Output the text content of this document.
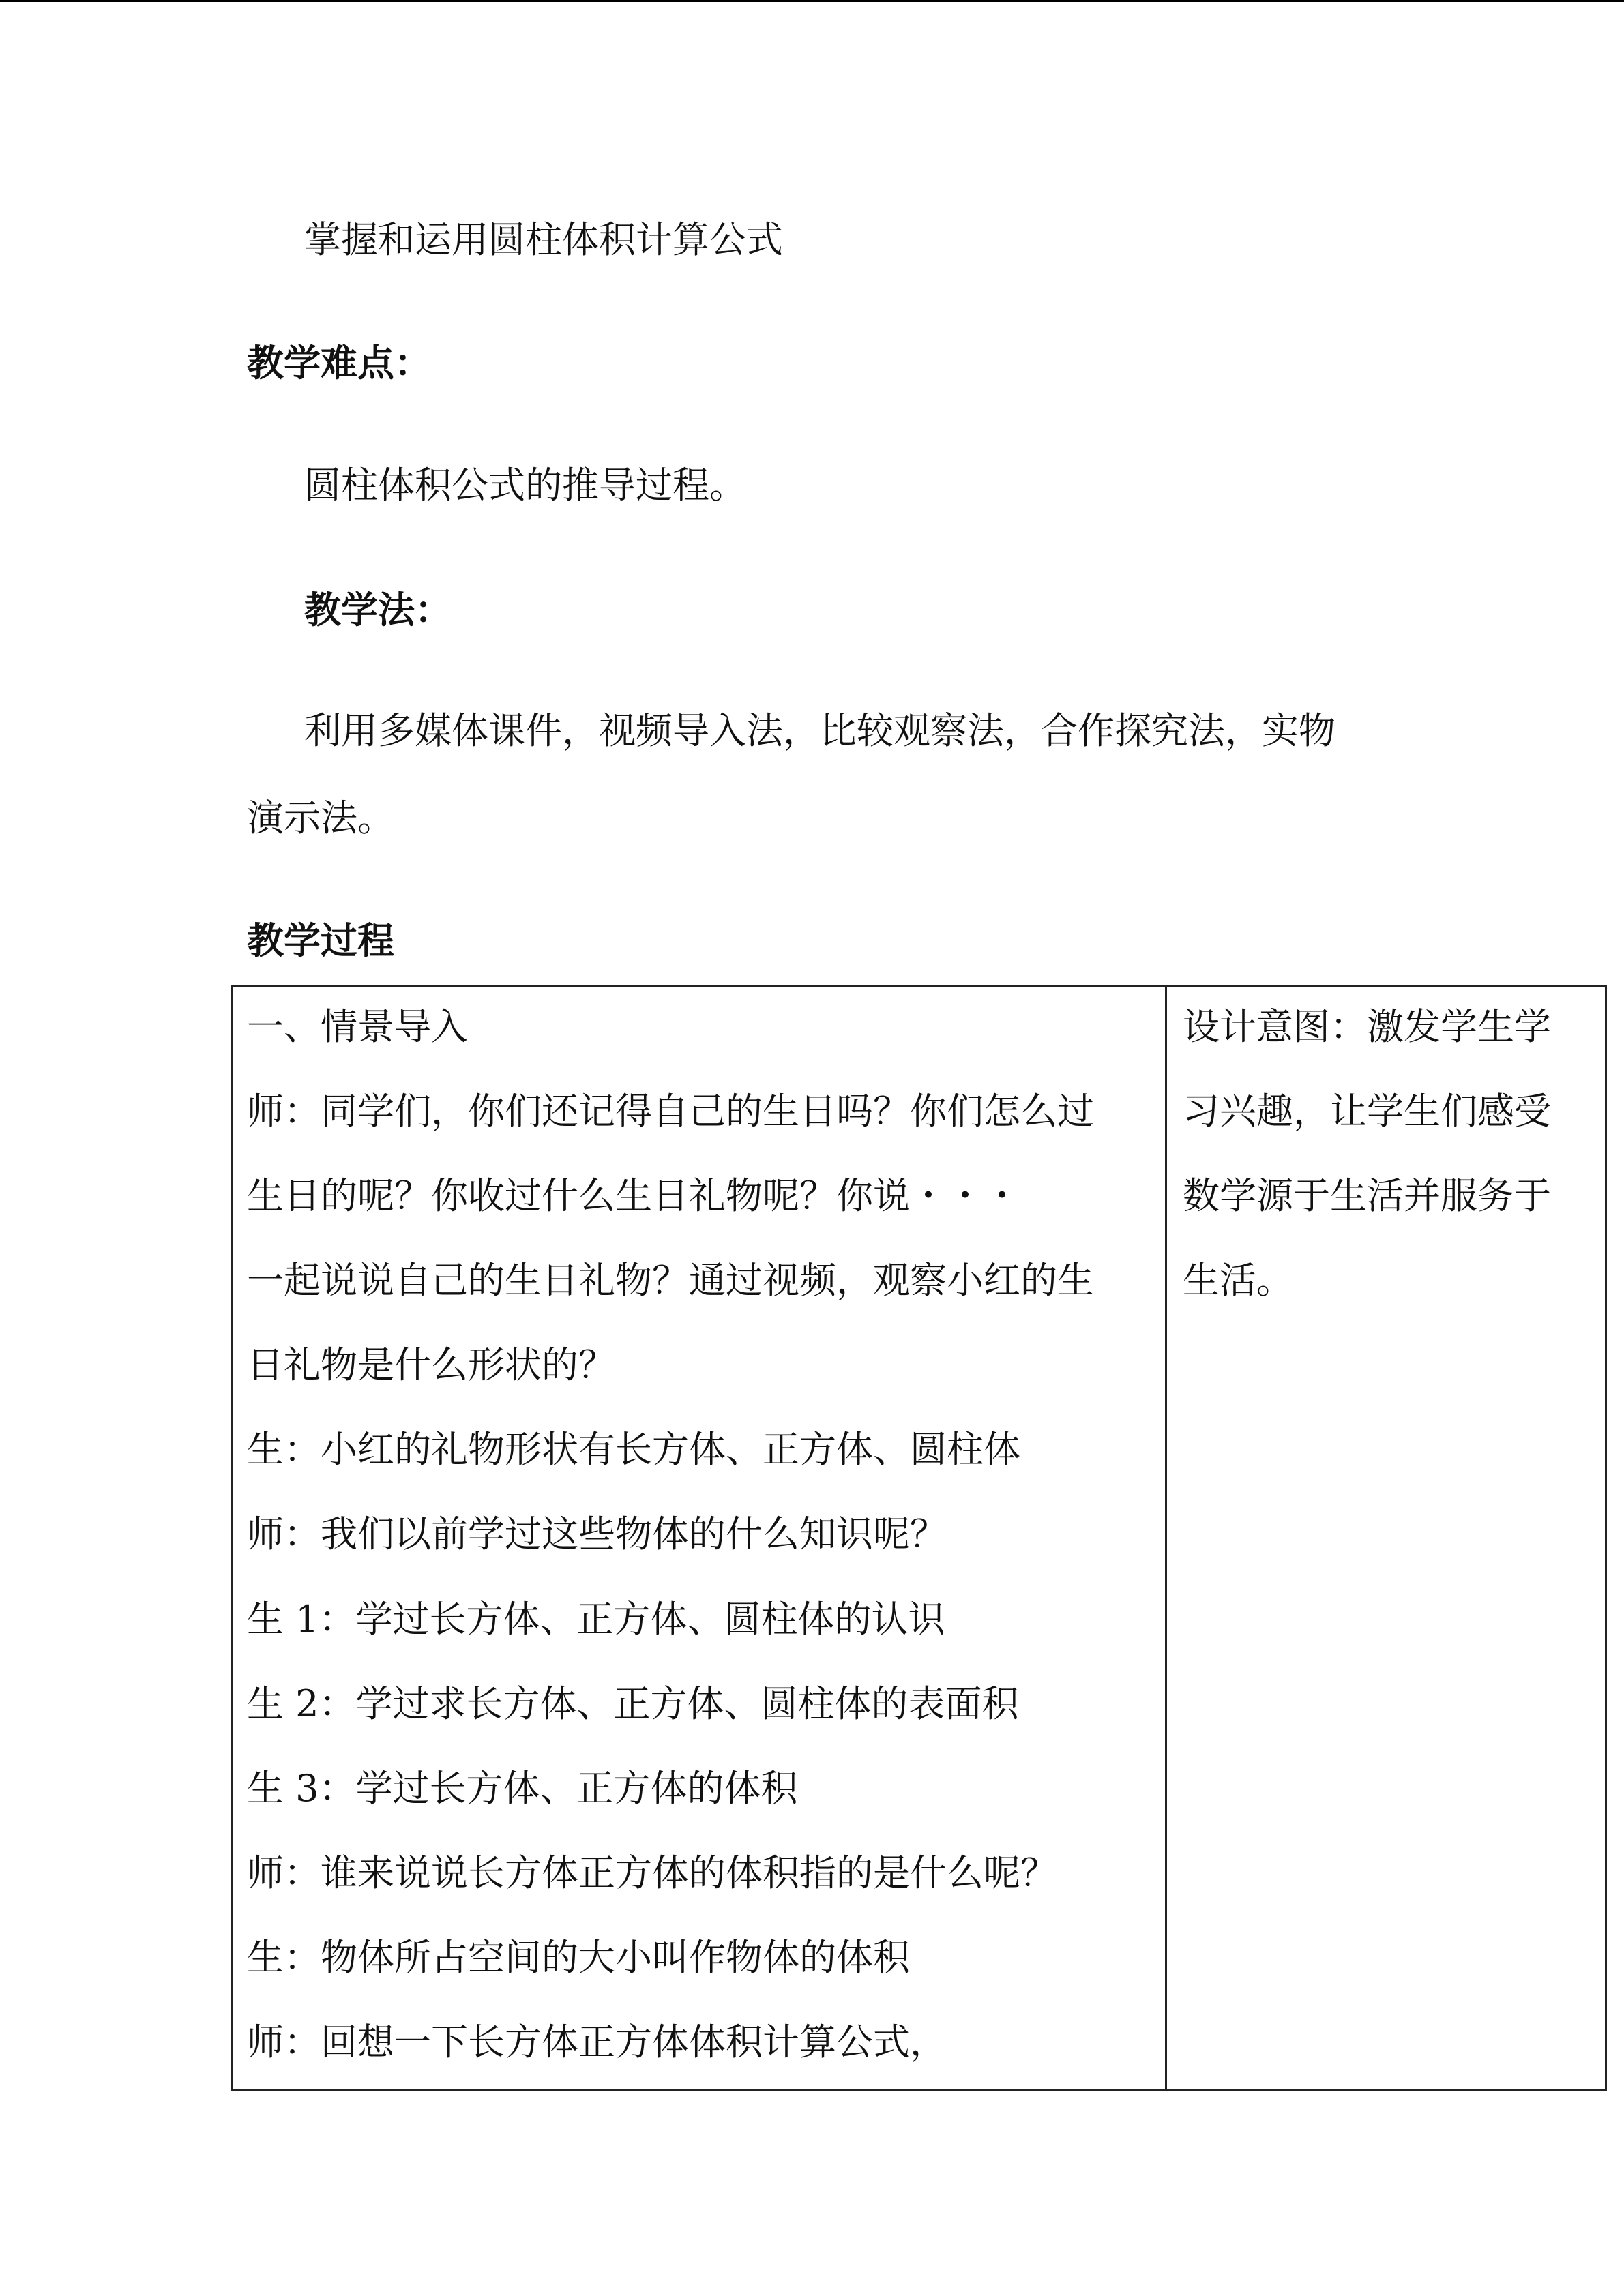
掌握和运用圆柱体积计算公式

教学难点：

圆柱体积公式的推导过程。

教学法：

利用多媒体课件，视频导入法，比较观察法，合作探究法，实物

演示法。

教学过程

一、情景导入

师：同学们，你们还记得自己的生日吗？你们怎么过

生日的呢？你收过什么生日礼物呢？你说・・・

一起说说自己的生日礼物？通过视频，观察小红的生

日礼物是什么形状的？

生：小红的礼物形状有长方体、正方体、圆柱体

师：我们以前学过这些物体的什么知识呢？

生 1：学过长方体、正方体、圆柱体的认识

生 2：学过求长方体、正方体、圆柱体的表面积

生 3：学过长方体、正方体的体积

师：谁来说说长方体正方体的体积指的是什么呢？

生：物体所占空间的大小叫作物体的体积

师：回想一下长方体正方体体积计算公式，

设计意图：激发学生学

习兴趣，让学生们感受

数学源于生活并服务于

生活。
